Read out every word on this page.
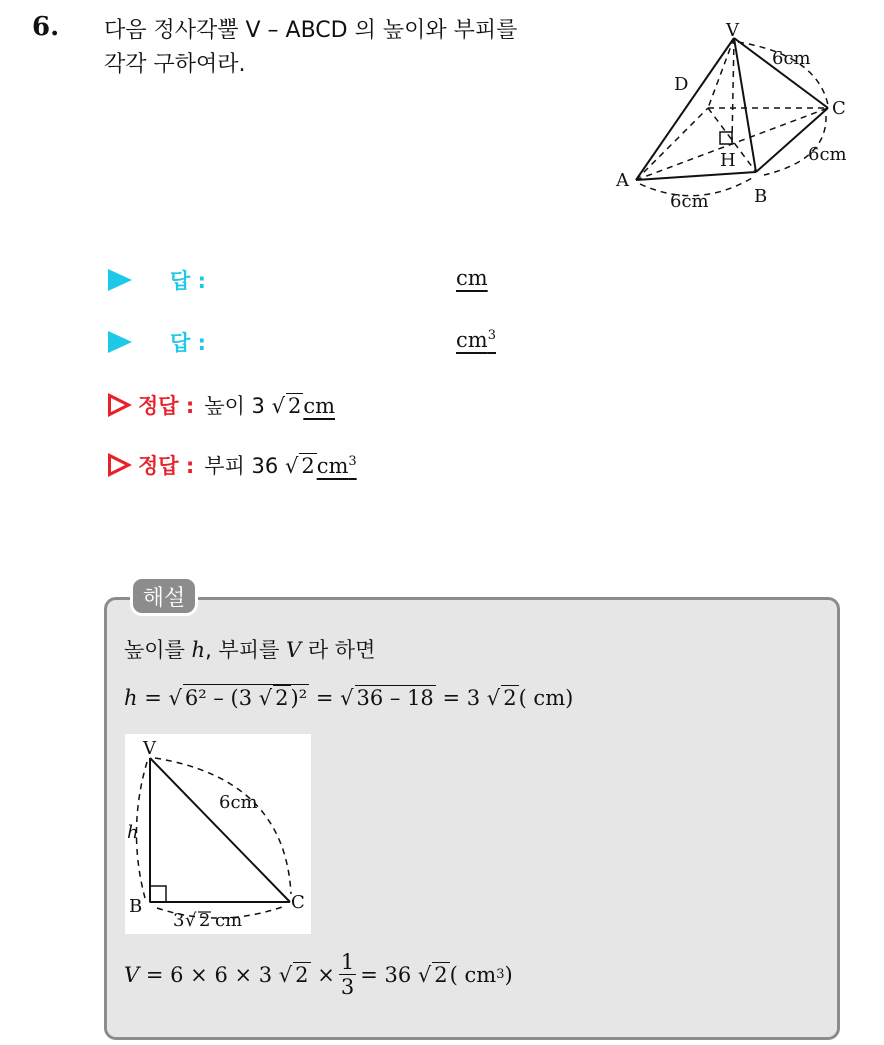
6. 다음 정사각뿔 V – ABCD 의 높이와 부피를
각각 구하여라.
V
D
C
H
A
B
6cm
6cm
6cm
답 :	cm
답 :	$cm^3$
정답 : 높이 3 √ 2cm
정답 : 부피 36 √ $2cm^3$
해설
높이를 h, 부피를 V 라 하면
h = √ 6² – (3 √ 2)² = √ 36 – 18 = 3 √ 2( cm)
V
B	C
h
6cm
3 √ 2 cm
V
= 6 × 6 × 3 √ 2
× $\frac{1}{3} = 36$ √ 2 ( cm 3 )
